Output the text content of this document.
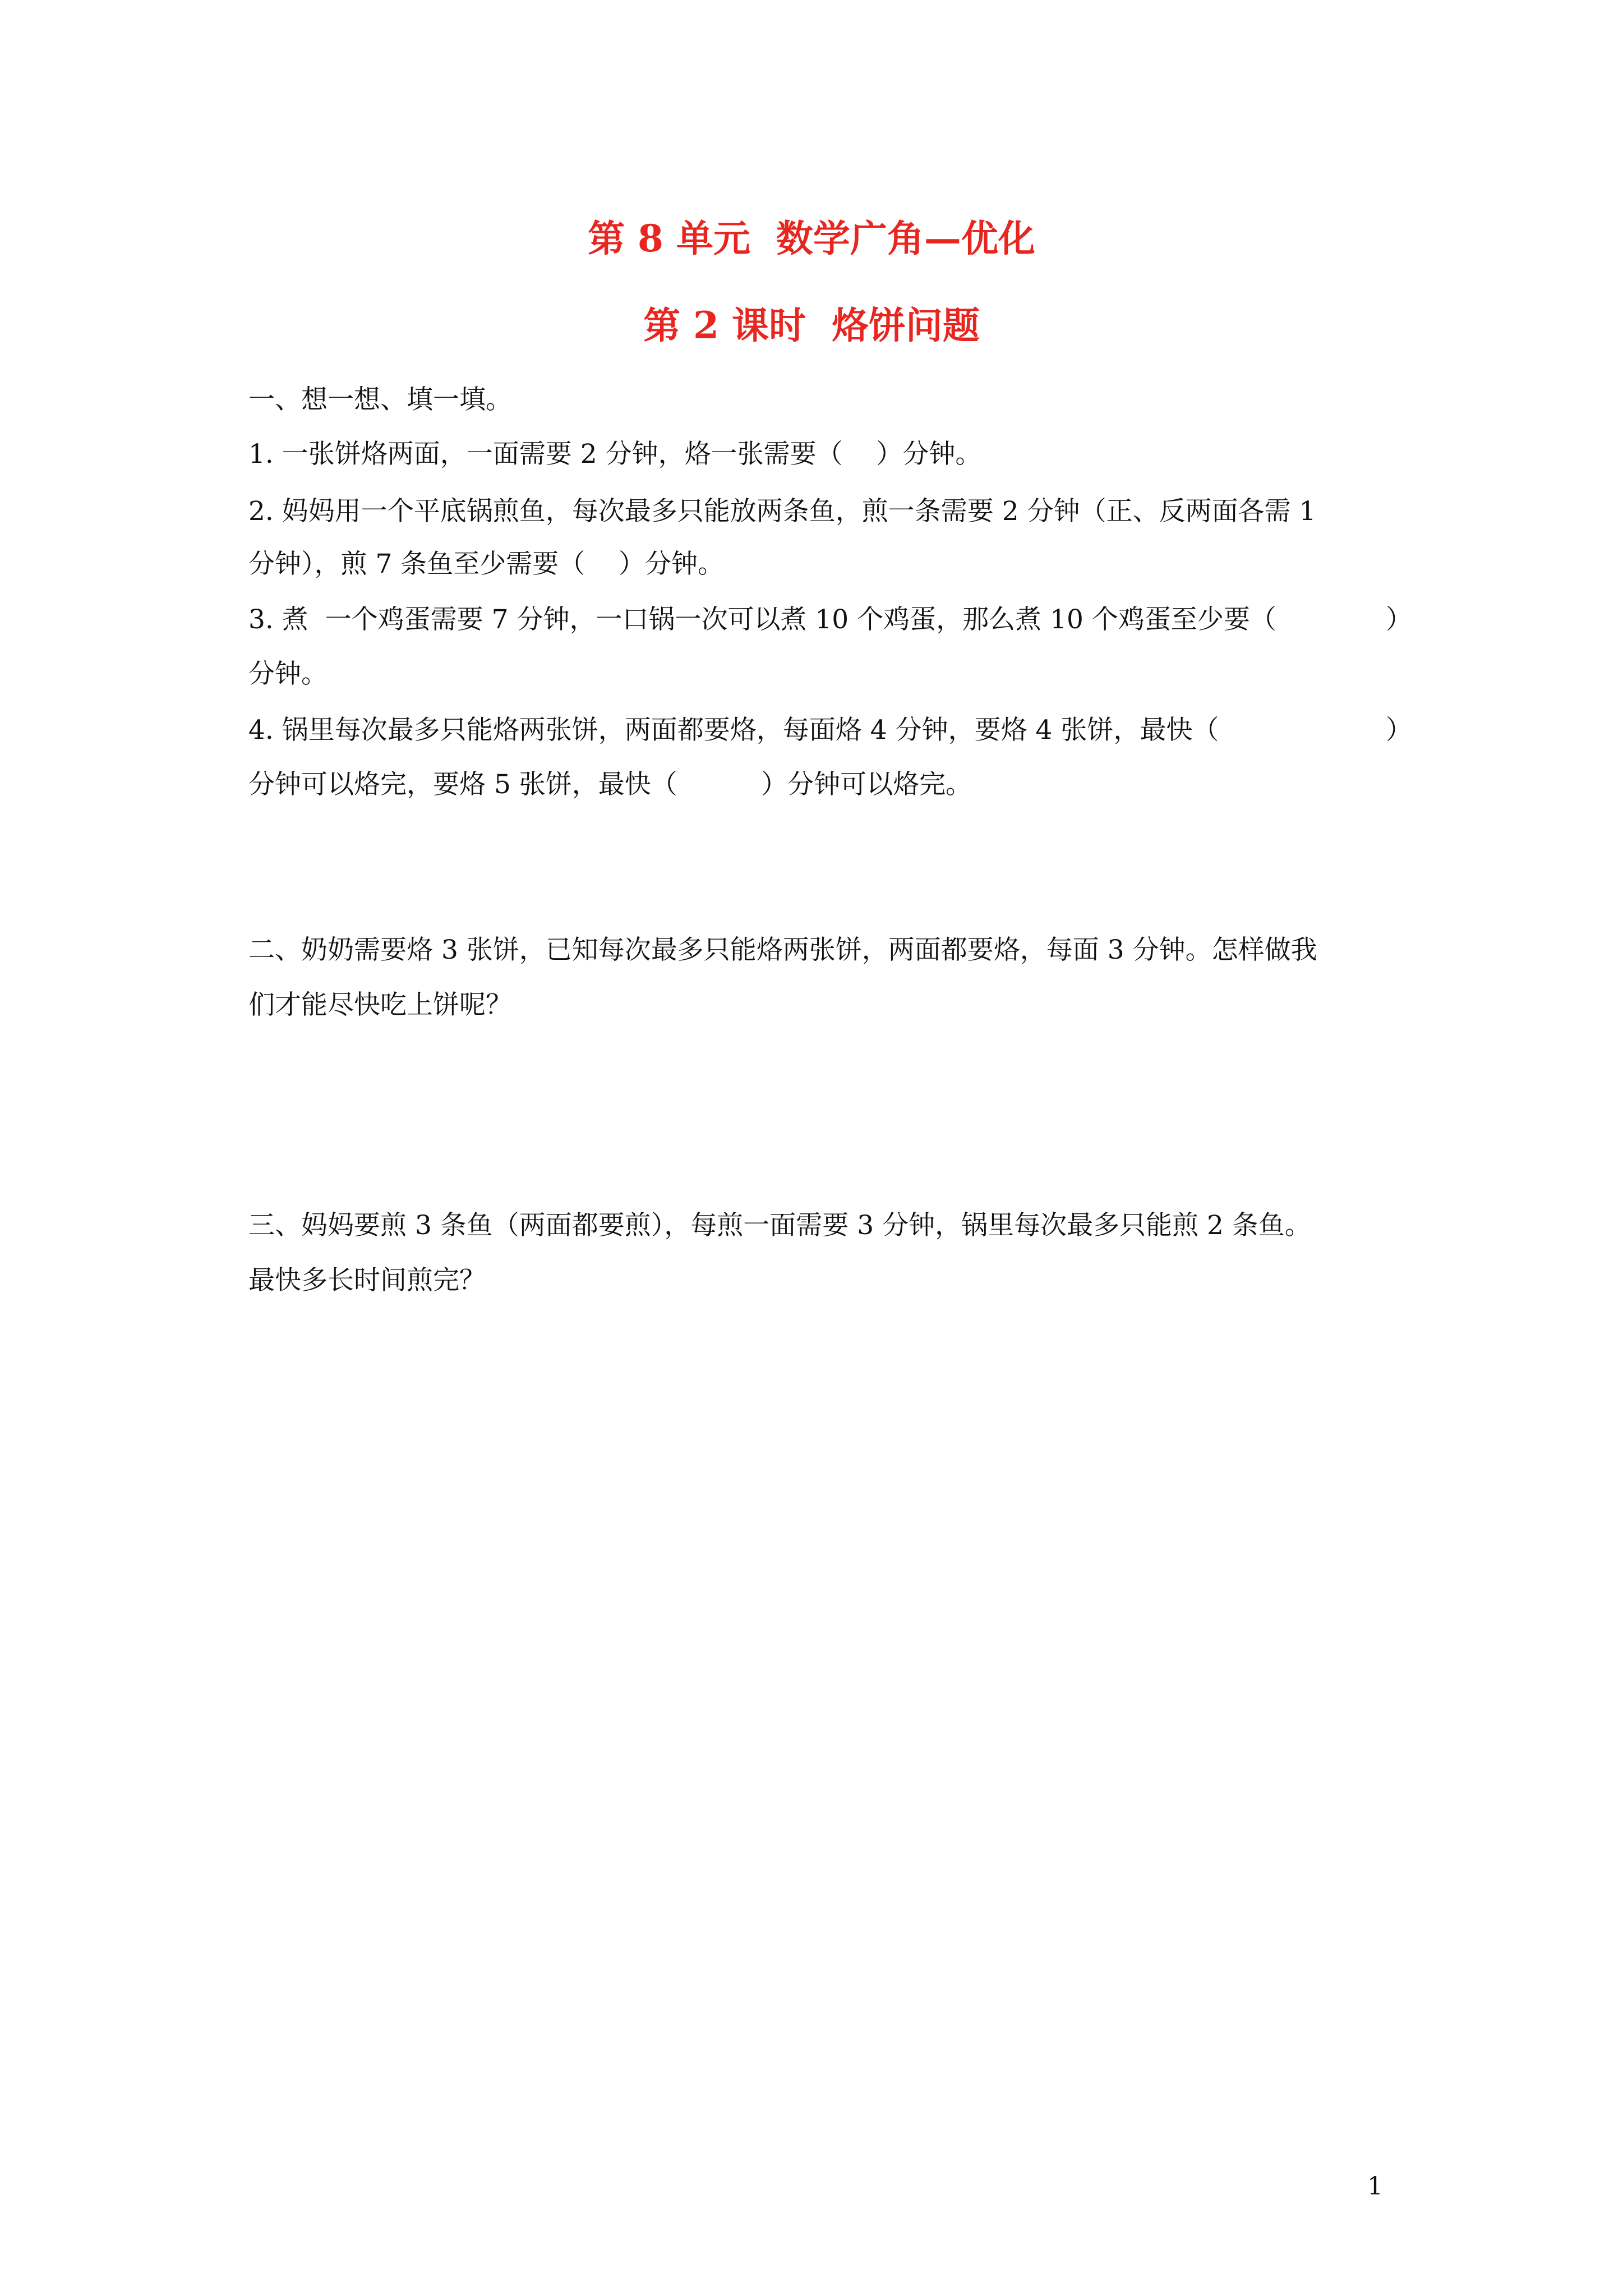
第 8 单元  数学广角—优化
第 2 课时  烙饼问题
一、想一想、填一填。
1. 一张饼烙两面，一面需要 2 分钟，烙一张需要（    ）分钟。
2. 妈妈用一个平底锅煎鱼，每次最多只能放两条鱼，煎一条需要 2 分钟（正、反两面各需 1
分钟），煎 7 条鱼至少需要（    ）分钟。
3. 煮  一个鸡蛋需要 7 分钟，一口锅一次可以煮 10 个鸡蛋，那么煮 10 个鸡蛋至少要（	）
分钟。
4. 锅里每次最多只能烙两张饼，两面都要烙，每面烙 4 分钟，要烙 4 张饼，最快（	）
分钟可以烙完，要烙 5 张饼，最快（          ）分钟可以烙完。
二、奶奶需要烙 3 张饼，已知每次最多只能烙两张饼，两面都要烙，每面 3 分钟。怎样做我
们才能尽快吃上饼呢？
三、妈妈要煎 3 条鱼（两面都要煎），每煎一面需要 3 分钟，锅里每次最多只能煎 2 条鱼。
最快多长时间煎完？
1
